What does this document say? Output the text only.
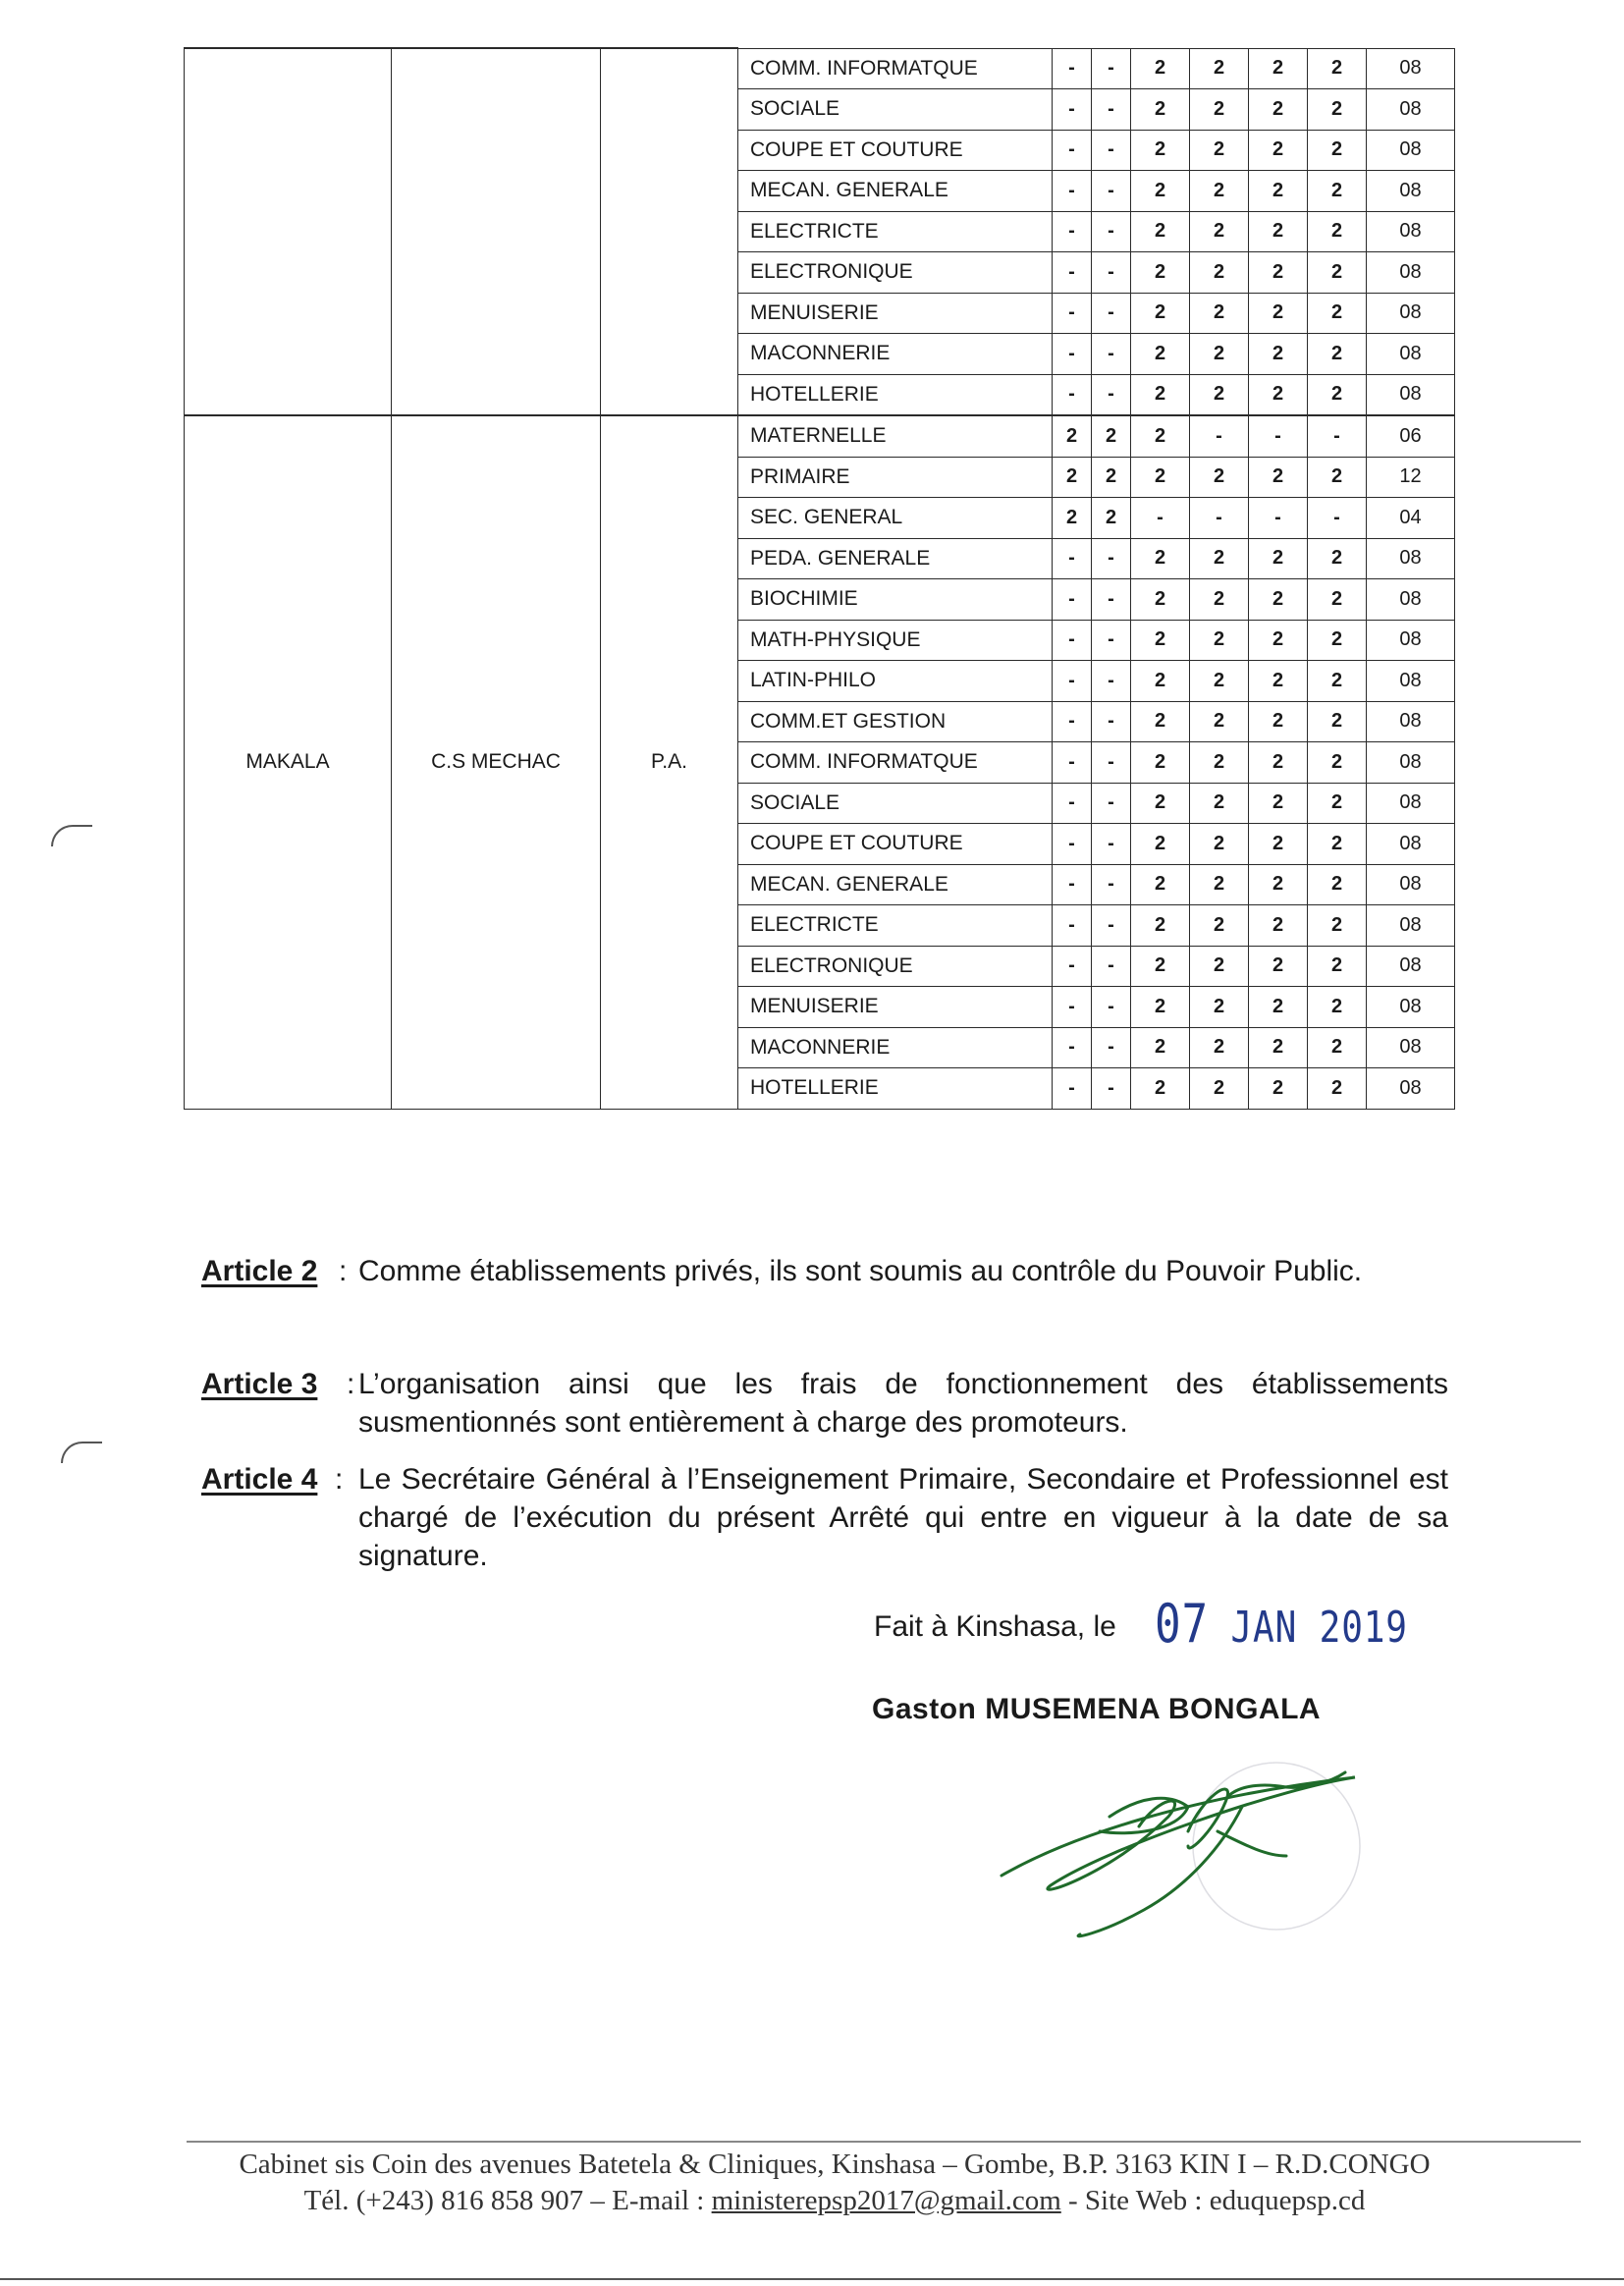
			COMM. INFORMATQUE	-	-	2	2	2	2	08
			SOCIALE	-	-	2	2	2	2	08
			COUPE ET COUTURE	-	-	2	2	2	2	08
			MECAN. GENERALE	-	-	2	2	2	2	08
			ELECTRICTE	-	-	2	2	2	2	08
			ELECTRONIQUE	-	-	2	2	2	2	08
			MENUISERIE	-	-	2	2	2	2	08
			MACONNERIE	-	-	2	2	2	2	08
			HOTELLERIE	-	-	2	2	2	2	08
MAKALA	C.S MECHAC	P.A.	MATERNELLE	2	2	2	-	-	-	06
			PRIMAIRE	2	2	2	2	2	2	12
			SEC. GENERAL	2	2	-	-	-	-	04
			PEDA. GENERALE	-	-	2	2	2	2	08
			BIOCHIMIE	-	-	2	2	2	2	08
			MATH-PHYSIQUE	-	-	2	2	2	2	08
			LATIN-PHILO	-	-	2	2	2	2	08
			COMM.ET GESTION	-	-	2	2	2	2	08
			COMM. INFORMATQUE	-	-	2	2	2	2	08
			SOCIALE	-	-	2	2	2	2	08
			COUPE ET COUTURE	-	-	2	2	2	2	08
			MECAN. GENERALE	-	-	2	2	2	2	08
			ELECTRICTE	-	-	2	2	2	2	08
			ELECTRONIQUE	-	-	2	2	2	2	08
			MENUISERIE	-	-	2	2	2	2	08
			MACONNERIE	-	-	2	2	2	2	08
			HOTELLERIE	-	-	2	2	2	2	08
Article 2 : Comme établissements privés, ils sont soumis au contrôle du Pouvoir Public.
Article 3 : L’organisation ainsi que les frais de fonctionnement des établissements susmentionnés sont entièrement à charge des promoteurs.
Article 4 : Le Secrétaire Général à l’Enseignement Primaire, Secondaire et Professionnel est chargé de l’exécution du présent Arrêté qui entre en vigueur à la date de sa signature.
Fait à Kinshasa, le 07 JAN 2019
Gaston MUSEMENA BONGALA
Cabinet sis Coin des avenues Batetela & Cliniques, Kinshasa – Gombe, B.P. 3163 KIN I – R.D.CONGO
Tél. (+243) 816 858 907 – E-mail : ministerepsp2017@gmail.com - Site Web : eduquepsp.cd
